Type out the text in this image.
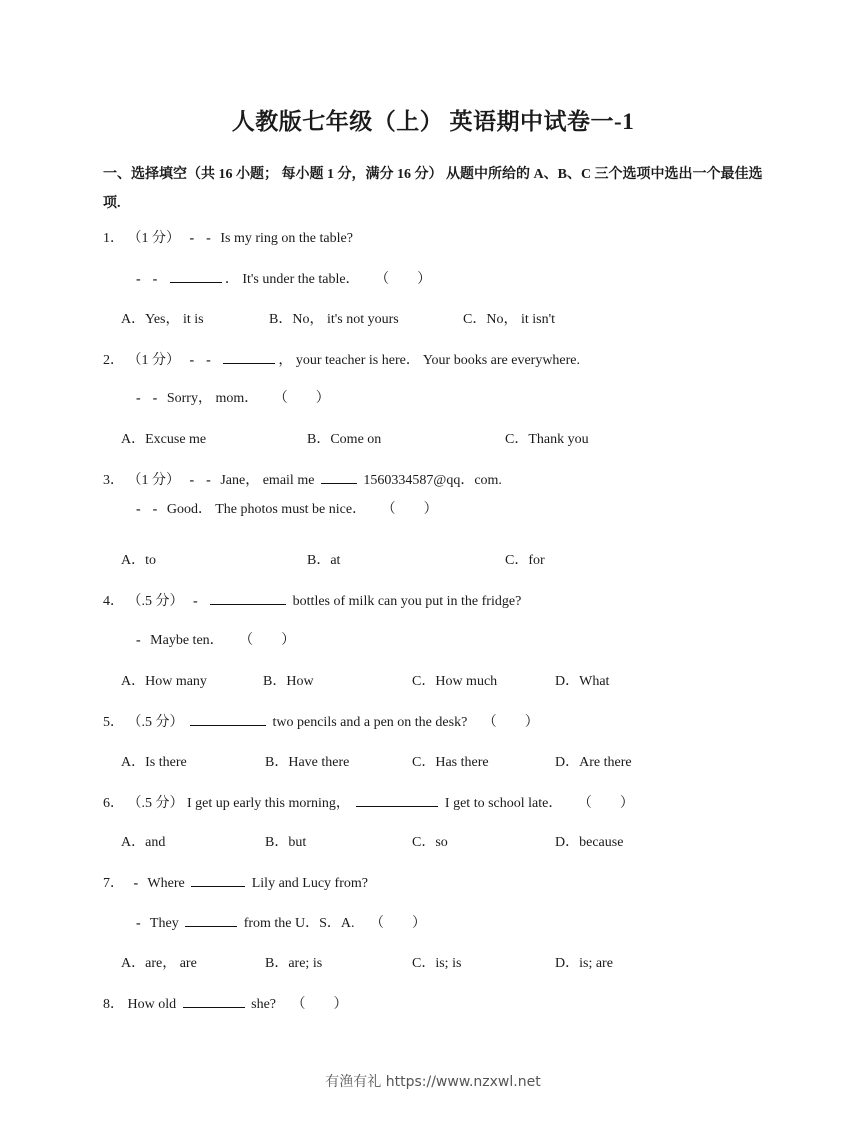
人教版七年级（上） 英语期中试卷一-1
一、选择填空（共 16 小题； 每小题 1 分，满分 16 分） 从题中所给的 A、B、C 三个选项中选出一个最佳选项.
1． （1 分） - - Is my ring on the table?
- -	． It's under the table． （ ）
A．Yes， it is	B．No， it's not yours	C．No， it isn't
2． （1 分） - -	， your teacher is here． Your books are everywhere.
- - Sorry， mom． （ ）
A．Excuse me	B．Come on	C．Thank you
3． （1 分） - - Jane， email me	1560334587@qq．com.
- - Good． The photos must be nice． （ ）
A．to	B．at	C．for
4． （.5 分） -	bottles of milk can you put in the fridge?
- Maybe ten． （ ）
A．How many	B．How	C．How much	D．What
5． （.5 分）	two pencils and a pen on the desk? （ ）
A．Is there	B．Have there	C．Has there	D．Are there
6． （.5 分） I get up early this morning，	I get to school late． （ ）
A．and	B．but	C．so	D．because
7． - Where	Lily and Lucy from?
- They	from the U．S．A. （ ）
A．are， are	B．are; is	C．is; is	D．is; are
8． How old	she? （ ）
有渔有礼 https://www.nzxwl.net
